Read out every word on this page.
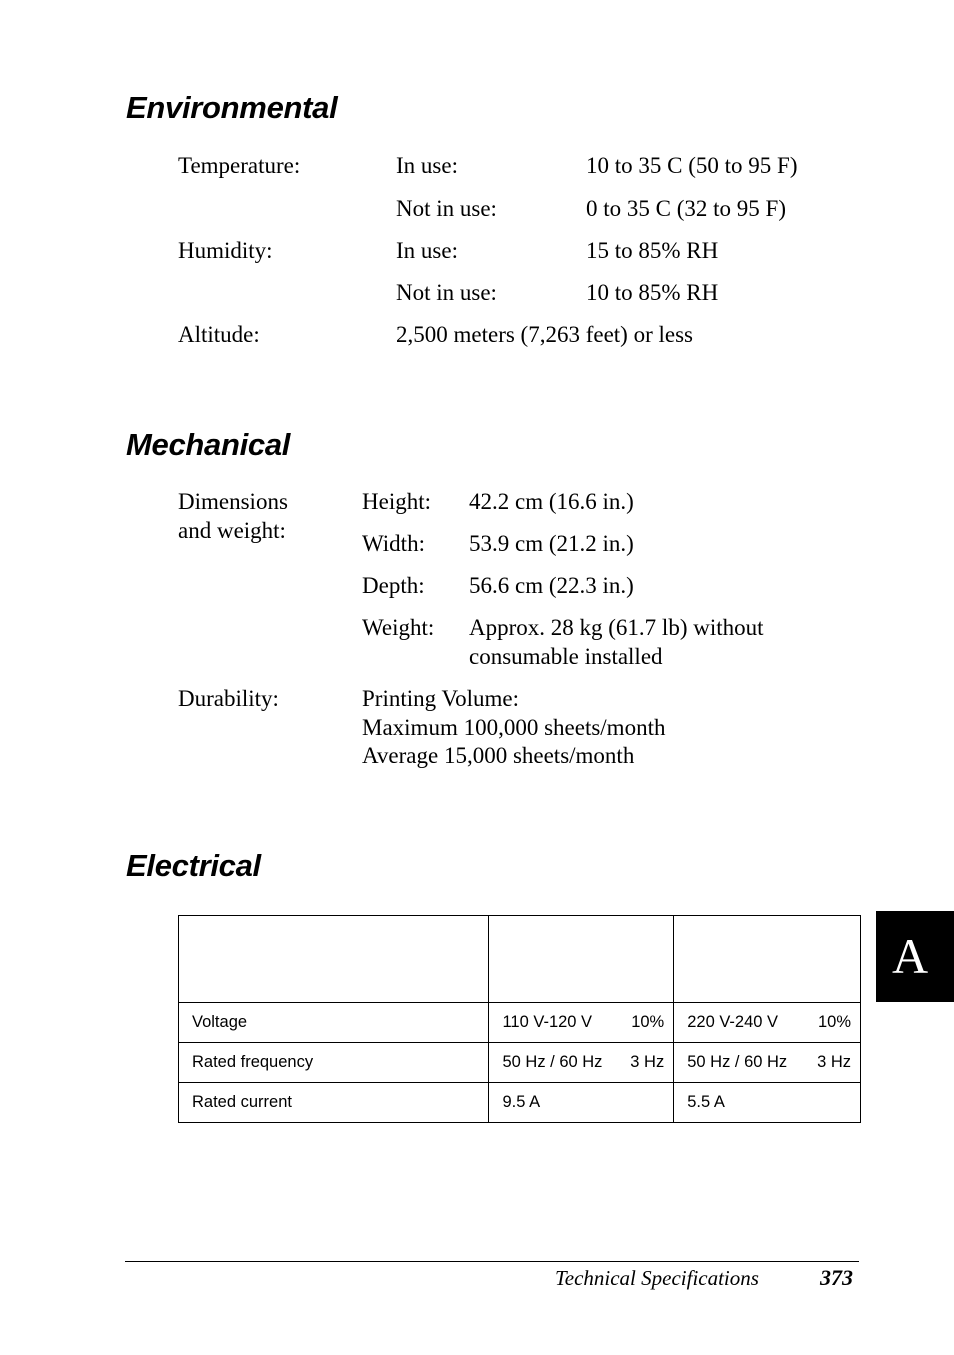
Environmental
Temperature:	In use:	10 to 35 C (50 to 95 F)
Not in use:	0 to 35 C (32 to 95 F)
Humidity:	In use:	15 to 85% RH
Not in use:	10 to 85% RH
Altitude:	2,500 meters (7,263 feet) or less
Mechanical
Dimensions
and weight:
Height: 42.2 cm (16.6 in.)
Width: 53.9 cm (21.2 in.)
Depth: 56.6 cm (22.3 in.)
Weight: Approx. 28 kg (61.7 lb) without
consumable installed
Durability:	Printing Volume:
Maximum 100,000 sheets/month
Average 15,000 sheets/month
Electrical

Voltage	110 V-120 V 10%	220 V-240 V 10%

Rated frequency	50 Hz / 60 Hz 3 Hz	50 Hz / 60 Hz 3 Hz

Rated current	9.5 A	5.5 A
A
Technical Specifications	373
